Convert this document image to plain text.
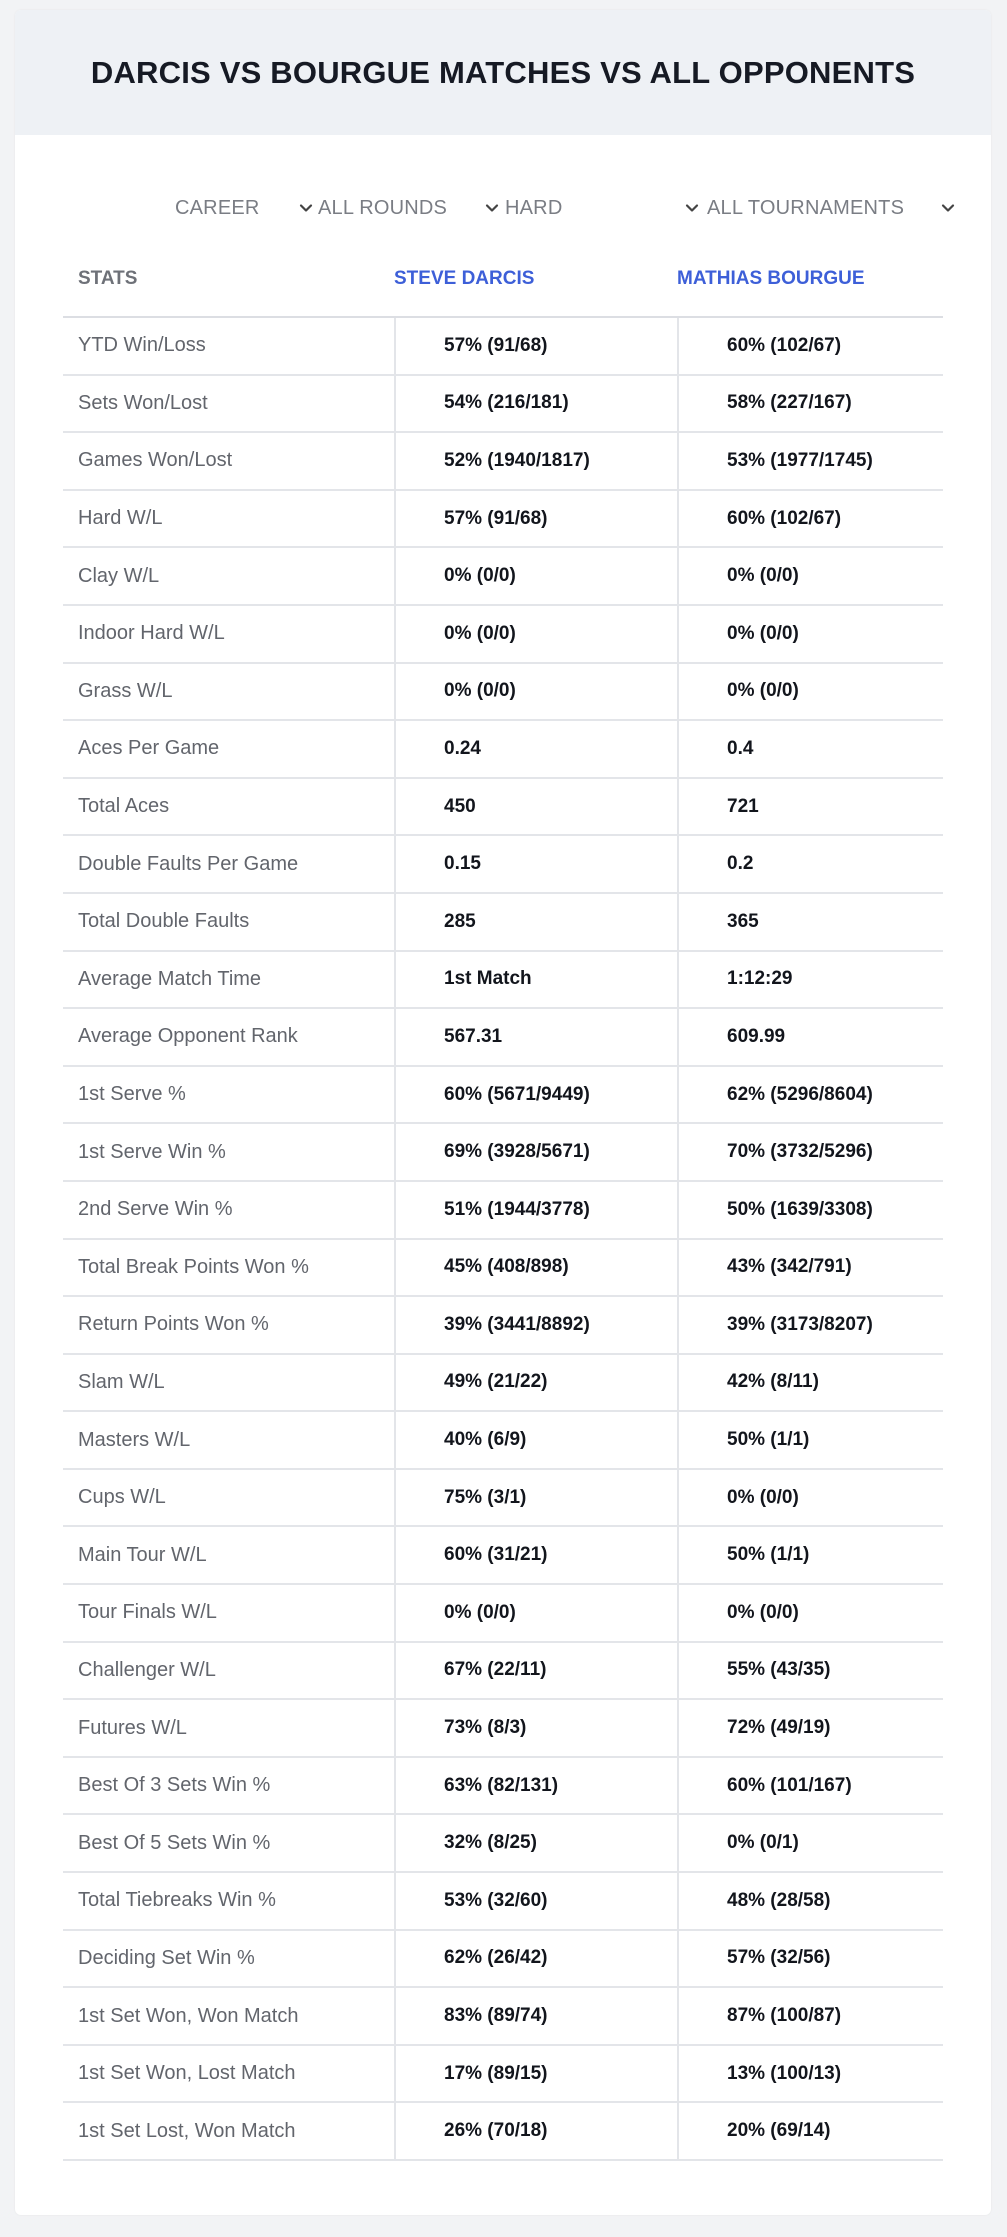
DARCIS VS BOURGUE MATCHES VS ALL OPPONENTS
CAREER	ALL ROUNDS	HARD	ALL TOURNAMENTS
STATS	STEVE DARCIS	MATHIAS BOURGUE
YTD Win/Loss	57% (91/68)	60% (102/67)
Sets Won/Lost	54% (216/181)	58% (227/167)
Games Won/Lost	52% (1940/1817)	53% (1977/1745)
Hard W/L	57% (91/68)	60% (102/67)
Clay W/L	0% (0/0)	0% (0/0)
Indoor Hard W/L	0% (0/0)	0% (0/0)
Grass W/L	0% (0/0)	0% (0/0)
Aces Per Game	0.24	0.4
Total Aces	450	721
Double Faults Per Game	0.15	0.2
Total Double Faults	285	365
Average Match Time	1st Match	1:12:29
Average Opponent Rank	567.31	609.99
1st Serve %	60% (5671/9449)	62% (5296/8604)
1st Serve Win %	69% (3928/5671)	70% (3732/5296)
2nd Serve Win %	51% (1944/3778)	50% (1639/3308)
Total Break Points Won %	45% (408/898)	43% (342/791)
Return Points Won %	39% (3441/8892)	39% (3173/8207)
Slam W/L	49% (21/22)	42% (8/11)
Masters W/L	40% (6/9)	50% (1/1)
Cups W/L	75% (3/1)	0% (0/0)
Main Tour W/L	60% (31/21)	50% (1/1)
Tour Finals W/L	0% (0/0)	0% (0/0)
Challenger W/L	67% (22/11)	55% (43/35)
Futures W/L	73% (8/3)	72% (49/19)
Best Of 3 Sets Win %	63% (82/131)	60% (101/167)
Best Of 5 Sets Win %	32% (8/25)	0% (0/1)
Total Tiebreaks Win %	53% (32/60)	48% (28/58)
Deciding Set Win %	62% (26/42)	57% (32/56)
1st Set Won, Won Match	83% (89/74)	87% (100/87)
1st Set Won, Lost Match	17% (89/15)	13% (100/13)
1st Set Lost, Won Match	26% (70/18)	20% (69/14)
